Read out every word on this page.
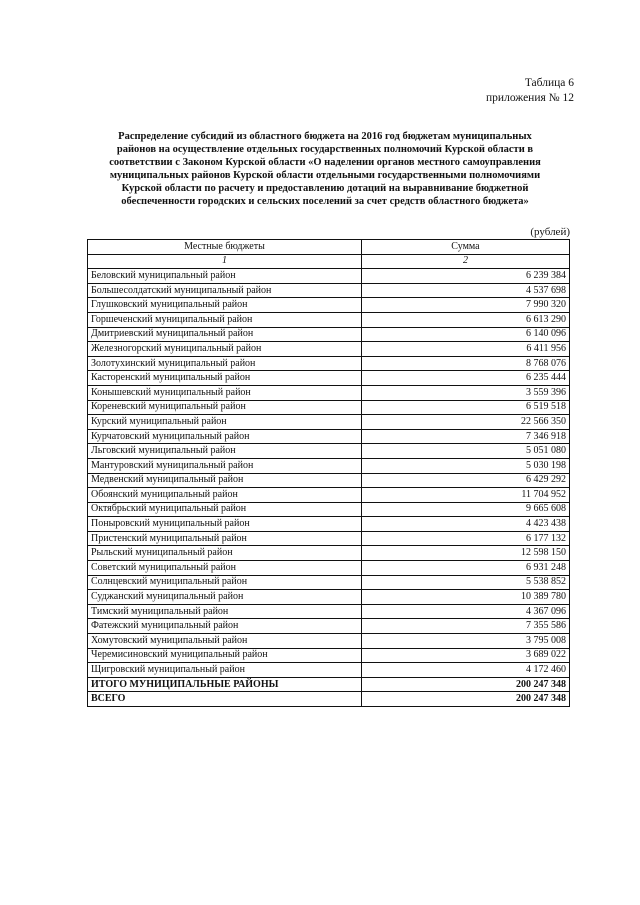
Таблица 6
приложения № 12
Распределение субсидий из областного бюджета на 2016 год бюджетам муниципальных
районов на осуществление отдельных государственных полномочий Курской области в
соответствии с Законом Курской области «О наделении органов местного самоуправления
муниципальных районов Курской области отдельными государственными полномочиями
Курской области по расчету и предоставлению дотаций на выравнивание бюджетной
обеспеченности городских и сельских поселений за счет средств областного бюджета»
(рублей)
Местные бюджеты	Сумма
1	2
Беловский муниципальный район	6 239 384
Большесолдатский муниципальный район	4 537 698
Глушковский муниципальный район	7 990 320
Горшеченский муниципальный район	6 613 290
Дмитриевский муниципальный район	6 140 096
Железногорский муниципальный район	6 411 956
Золотухинский муниципальный район	8 768 076
Касторенский муниципальный район	6 235 444
Конышевский муниципальный район	3 559 396
Кореневский муниципальный район	6 519 518
Курский муниципальный район	22 566 350
Курчатовский муниципальный район	7 346 918
Льговский муниципальный район	5 051 080
Мантуровский муниципальный район	5 030 198
Медвенский муниципальный район	6 429 292
Обоянский муниципальный район	11 704 952
Октябрьский муниципальный район	9 665 608
Поныровский муниципальный район	4 423 438
Пристенский муниципальный район	6 177 132
Рыльский муниципальный район	12 598 150
Советский муниципальный район	6 931 248
Солнцевский муниципальный район	5 538 852
Суджанский муниципальный район	10 389 780
Тимский муниципальный район	4 367 096
Фатежский муниципальный район	7 355 586
Хомутовский муниципальный район	3 795 008
Черемисиновский муниципальный район	3 689 022
Щигровский муниципальный район	4 172 460
ИТОГО МУНИЦИПАЛЬНЫЕ РАЙОНЫ	200 247 348
ВСЕГО	200 247 348
